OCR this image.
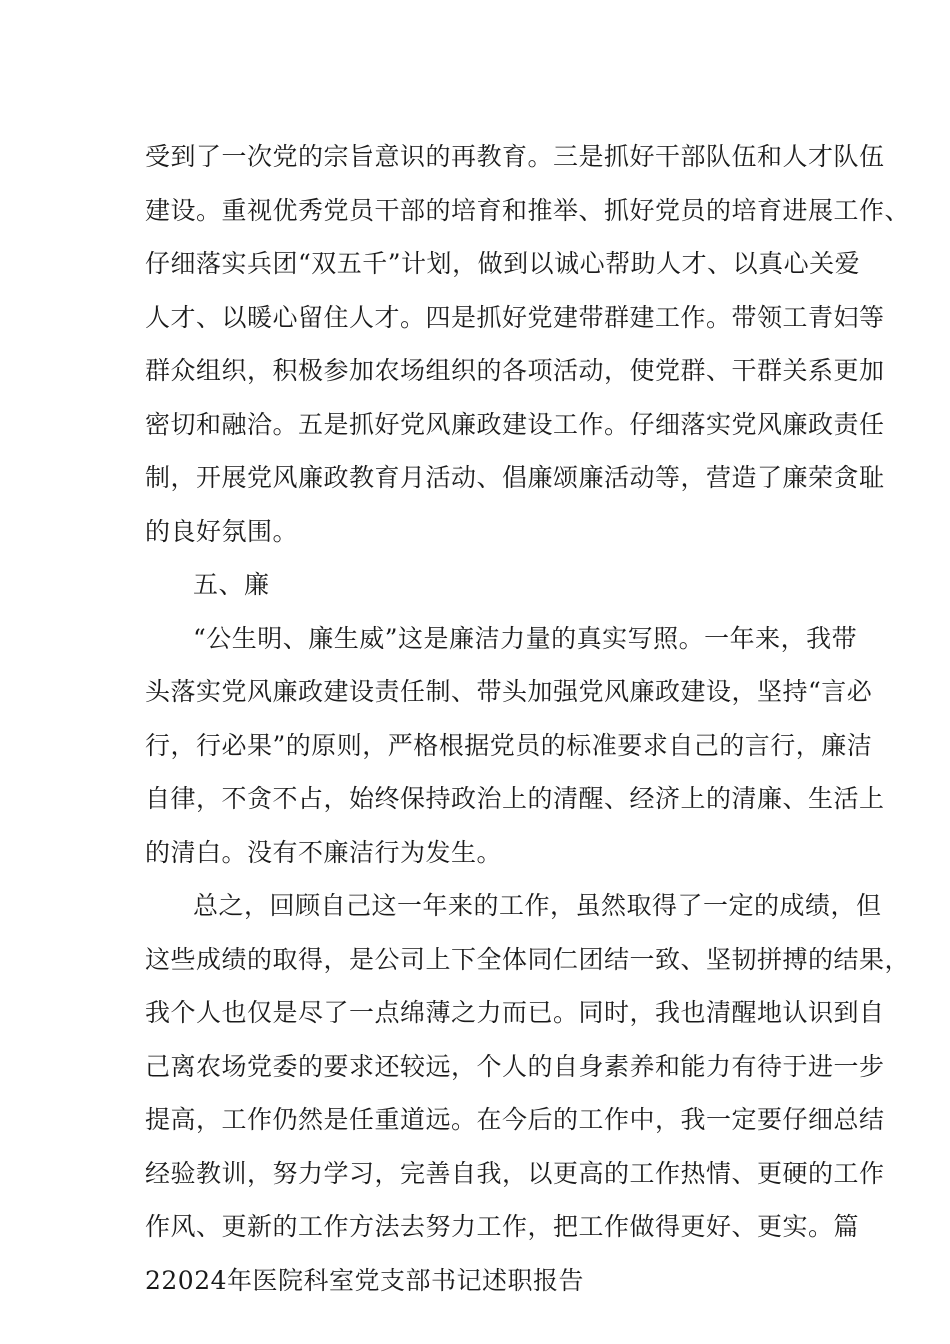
受到了一次党的宗旨意识的再教育。三是抓好干部队伍和人才队伍
建设。重视优秀党员干部的培育和推举、抓好党员的培育进展工作、
仔细落实兵团“双五千”计划，做到以诚心帮助人才、以真心关爱
人才、以暖心留住人才。四是抓好党建带群建工作。带领工青妇等
群众组织，积极参加农场组织的各项活动，使党群、干群关系更加
密切和融洽。五是抓好党风廉政建设工作。仔细落实党风廉政责任
制，开展党风廉政教育月活动、倡廉颂廉活动等，营造了廉荣贪耻
的良好氛围。
五、廉
“公生明、廉生威”这是廉洁力量的真实写照。一年来，我带
头落实党风廉政建设责任制、带头加强党风廉政建设，坚持“言必
行，行必果”的原则，严格根据党员的标准要求自己的言行，廉洁
自律，不贪不占，始终保持政治上的清醒、经济上的清廉、生活上
的清白。没有不廉洁行为发生。
总之，回顾自己这一年来的工作，虽然取得了一定的成绩，但
这些成绩的取得，是公司上下全体同仁团结一致、坚韧拼搏的结果，
我个人也仅是尽了一点绵薄之力而已。同时，我也清醒地认识到自
己离农场党委的要求还较远，个人的自身素养和能力有待于进一步
提高，工作仍然是任重道远。在今后的工作中，我一定要仔细总结
经验教训，努力学习，完善自我，以更高的工作热情、更硬的工作
作风、更新的工作方法去努力工作，把工作做得更好、更实。篇
22024年医院科室党支部书记述职报告
